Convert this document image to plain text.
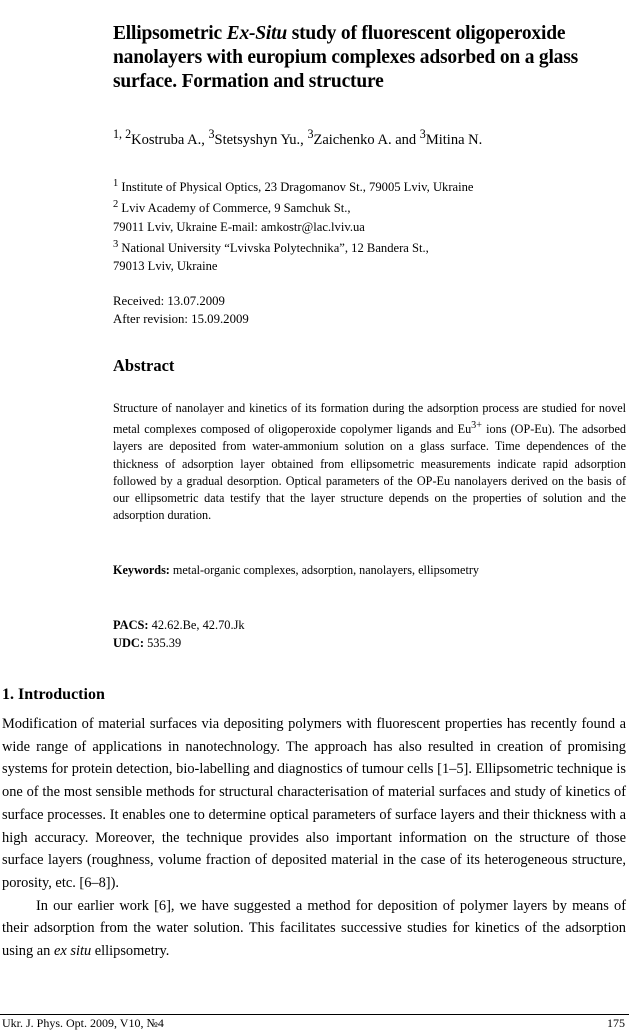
Ellipsometric Ex-Situ study of fluorescent oligoperoxide nanolayers with europium complexes adsorbed on a glass surface. Formation and structure
$^{1, 2}$Kostruba A., $^3$Stetsyshyn Yu., $^3$Zaichenko A. and $^3$Mitina N.
$^1$ Institute of Physical Optics, 23 Dragomanov St., 79005 Lviv, Ukraine
$^2$ Lviv Academy of Commerce, 9 Samchuk St.,
79011 Lviv, Ukraine E-mail: amkostr@lac.lviv.ua
$^3$ National University “Lvivska Polytechnika”, 12 Bandera St.,
79013 Lviv, Ukraine
Received: 13.07.2009
After revision: 15.09.2009
Abstract
Structure of nanolayer and kinetics of its formation during the adsorption process are studied for novel metal complexes composed of oligoperoxide copolymer ligands and $Eu^{3+}$ ions (OP-Eu). The adsorbed layers are deposited from water-ammonium solution on a glass surface. Time dependences of the thickness of adsorption layer obtained from ellipsometric measurements indicate rapid adsorption followed by a gradual desorption. Optical parameters of the OP-Eu nanolayers derived on the basis of our ellipsometric data testify that the layer structure depends on the properties of solution and the adsorption duration.
Keywords: metal-organic complexes, adsorption, nanolayers, ellipsometry
PACS: 42.62.Be, 42.70.Jk
UDC: 535.39
1. Introduction

Modification of material surfaces via depositing polymers with fluorescent properties has recently found a wide range of applications in nanotechnology. The approach has also resulted in creation of promising systems for protein detection, bio-labelling and diagnostics of tumour cells [1–5]. Ellipsometric technique is one of the most sensible methods for structural characterisation of material surfaces and study of kinetics of surface processes. It enables one to determine optical parameters of surface layers and their thickness with a high accuracy. Moreover, the technique provides also important information on the structure of those surface layers (roughness, volume fraction of deposited material in the case of its heterogeneous structure, porosity, etc. [6–8]).

In our earlier work [6], we have suggested a method for deposition of polymer layers by means of their adsorption from the water solution. This facilitates successive studies for kinetics of the adsorption using an ex situ ellipsometry.

Ukr. J. Phys. Opt. 2009, V10, №4	175
